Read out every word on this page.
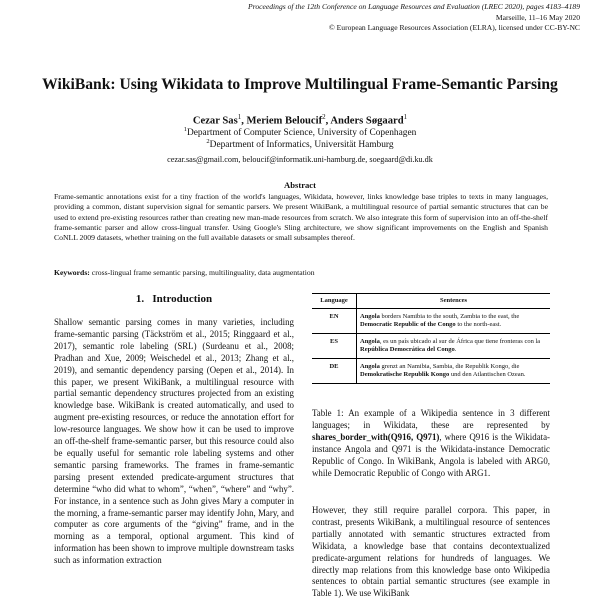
Proceedings of the 12th Conference on Language Resources and Evaluation (LREC 2020), pages 4183–4189
Marseille, 11–16 May 2020
© European Language Resources Association (ELRA), licensed under CC-BY-NC
WikiBank: Using Wikidata to Improve Multilingual Frame-Semantic Parsing
Cezar Sas$^1$, Meriem Beloucif$^2$, Anders Søgaard$^1$
$^1$Department of Computer Science, University of Copenhagen
$^2$Department of Informatics, Universität Hamburg
cezar.sas@gmail.com, beloucif@informatik.uni-hamburg.de, soegaard@di.ku.dk
Abstract
Frame-semantic annotations exist for a tiny fraction of the world's languages, Wikidata, however, links knowledge base triples to texts in many languages, providing a common, distant supervision signal for semantic parsers. We present WikiBank, a multilingual resource of partial semantic structures that can be used to extend pre-existing resources rather than creating new man-made resources from scratch. We also integrate this form of supervision into an off-the-shelf frame-semantic parser and allow cross-lingual transfer. Using Google's Sling architecture, we show significant improvements on the English and Spanish CoNLL 2009 datasets, whether training on the full available datasets or small subsamples thereof.
Keywords: cross-lingual frame semantic parsing, multilinguality, data augmentation
1. Introduction
Shallow semantic parsing comes in many varieties, including frame-semantic parsing (Täckström et al., 2015; Ringgaard et al., 2017), semantic role labeling (SRL) (Surdeanu et al., 2008; Pradhan and Xue, 2009; Weischedel et al., 2013; Zhang et al., 2019), and semantic dependency parsing (Oepen et al., 2014). In this paper, we present WikiBank, a multilingual resource with partial semantic dependency structures projected from an existing knowledge base. WikiBank is created automatically, and used to augment pre-existing resources, or reduce the annotation effort for low-resource languages. We show how it can be used to improve an off-the-shelf frame-semantic parser, but this resource could also be equally useful for semantic role labeling systems and other semantic parsing frameworks. The frames in frame-semantic parsing present extended predicate-argument structures that determine “who did what to whom”, “when”, “where” and “why”. For instance, in a sentence such as John gives Mary a computer in the morning, a frame-semantic parser may identify John, Mary, and computer as core arguments of the “giving” frame, and in the morning as a temporal, optional argument. This kind of information has been shown to improve multiple downstream tasks such as information extraction
Language	Sentences
EN	Angola borders Namibia to the south, Zambia to the east, the Democratic Republic of the Congo to the north-east.
ES	Angola, es un país ubicado al sur de África que tiene fronteras con la República Democrática del Congo.
DE	Angola grenzt an Namibia, Sambia, die Republik Kongo, die Demokratische Republik Kongo und den Atlantischen Ozean.
Table 1: An example of a Wikipedia sentence in 3 different languages; in Wikidata, these are represented by shares_border_with(Q916, Q971), where Q916 is the Wikidata-instance Angola and Q971 is the Wikidata-instance Democratic Republic of Congo. In WikiBank, Angola is labeled with ARG0, while Democratic Republic of Congo with ARG1.
However, they still require parallel corpora. This paper, in contrast, presents WikiBank, a multilingual resource of sentences partially annotated with semantic structures extracted from Wikidata, a knowledge base that contains decontextualized predicate-argument relations for hundreds of languages. We directly map relations from this knowledge base onto Wikipedia sentences to obtain partial semantic structures (see example in Table 1). We use WikiBank
